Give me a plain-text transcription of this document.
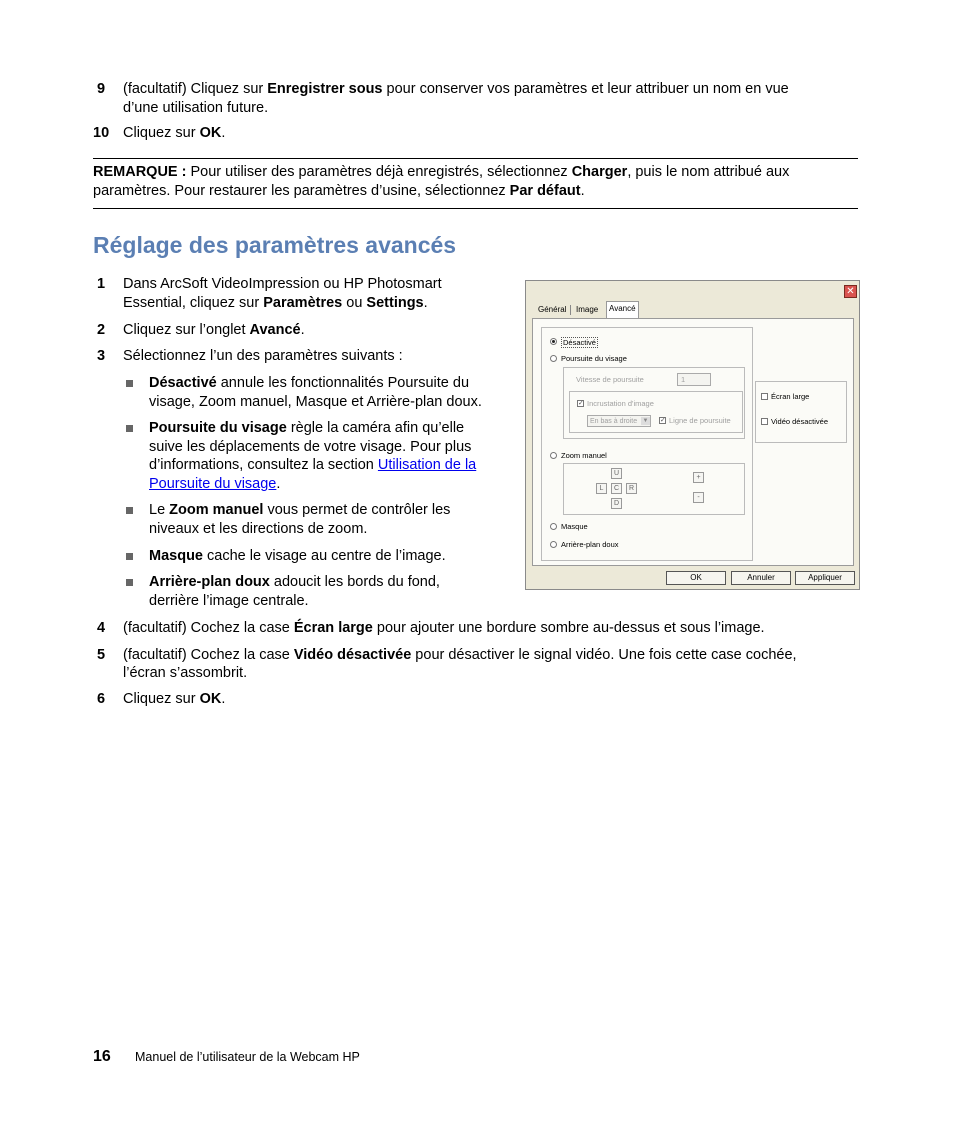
9 (facultatif) Cliquez sur Enregistrer sous pour conserver vos paramètres et leur attribuer un nom en vue
d’une utilisation future.
10 Cliquez sur OK.
REMARQUE : Pour utiliser des paramètres déjà enregistrés, sélectionnez Charger, puis le nom attribué aux
paramètres. Pour restaurer les paramètres d’usine, sélectionnez Par défaut.
Réglage des paramètres avancés
1 Dans ArcSoft VideoImpression ou HP Photosmart
Essential, cliquez sur Paramètres ou Settings.
2 Cliquez sur l’onglet Avancé.
3 Sélectionnez l’un des paramètres suivants :
Désactivé annule les fonctionnalités Poursuite du
visage, Zoom manuel, Masque et Arrière-plan doux.
Poursuite du visage règle la caméra afin qu’elle
suive les déplacements de votre visage. Pour plus
d’informations, consultez la section Utilisation de la
Poursuite du visage.
Le Zoom manuel vous permet de contrôler les
niveaux et les directions de zoom.
Masque cache le visage au centre de l’image.
Arrière-plan doux adoucit les bords du fond,
derrière l’image centrale.
4 (facultatif) Cochez la case Écran large pour ajouter une bordure sombre au-dessus et sous l’image.
5 (facultatif) Cochez la case Vidéo désactivée pour désactiver le signal vidéo. Une fois cette case cochée,
l’écran s’assombrit.
6 Cliquez sur OK.
✕
Général Image	Avancé
Désactivé
Poursuite du visage
Vitesse de poursuite	1
✓ Incrustation d'image
En bas à droite ▼ ✓ Ligne de poursuite
Zoom manuel
U
L	C	R
D
+
-
Masque
Arrière-plan doux
Écran large
Vidéo désactivée
OK	Annuler	Appliquer
16 Manuel de l’utilisateur de la Webcam HP
